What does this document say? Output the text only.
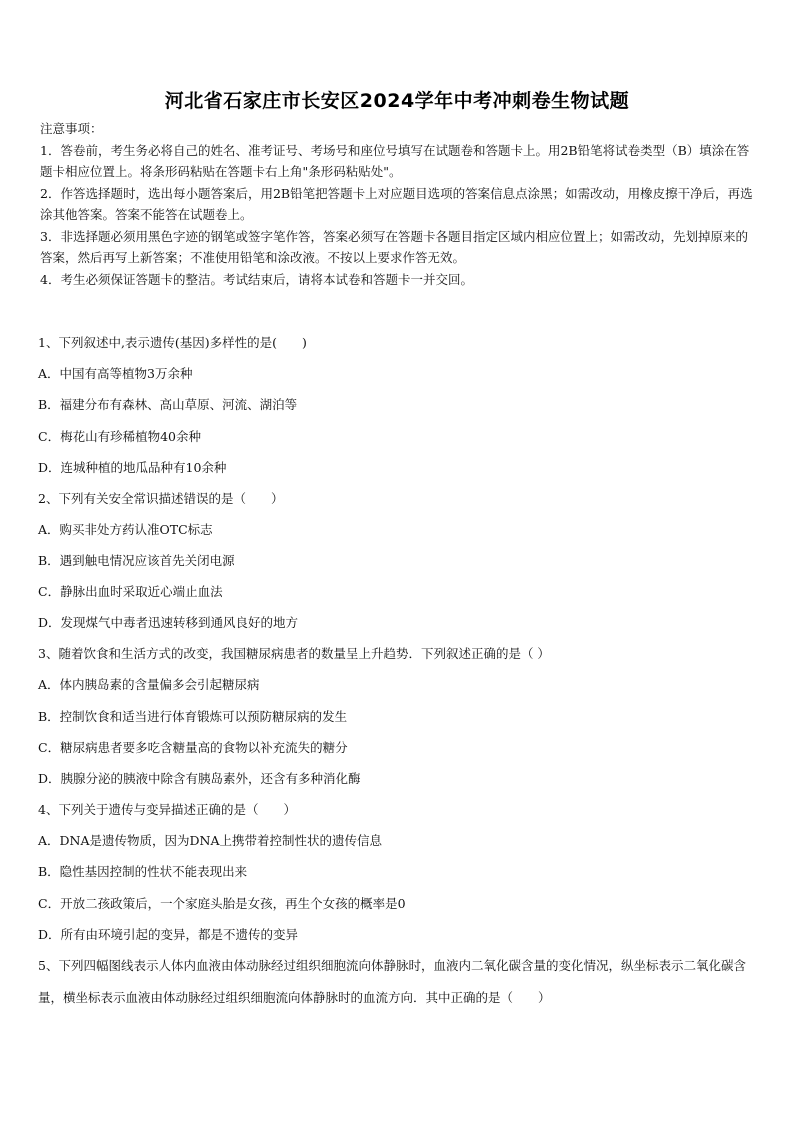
河北省石家庄市长安区2024学年中考冲刺卷生物试题

注意事项：

1．答卷前，考生务必将自己的姓名、准考证号、考场号和座位号填写在试题卷和答题卡上。用2B铅笔将试卷类型（B）填涂在答题卡相应位置上。将条形码粘贴在答题卡右上角"条形码粘贴处"。

2．作答选择题时，选出每小题答案后，用2B铅笔把答题卡上对应题目选项的答案信息点涂黑；如需改动，用橡皮擦干净后，再选涂其他答案。答案不能答在试题卷上。

3．非选择题必须用黑色字迹的钢笔或签字笔作答，答案必须写在答题卡各题目指定区域内相应位置上；如需改动，先划掉原来的答案，然后再写上新答案；不准使用铅笔和涂改液。不按以上要求作答无效。

4．考生必须保证答题卡的整洁。考试结束后，请将本试卷和答题卡一并交回。

1、下列叙述中,表示遗传(基因)多样性的是(　　)
A．中国有高等植物3万余种
B．福建分布有森林、高山草原、河流、湖泊等
C．梅花山有珍稀植物40余种
D．连城种植的地瓜品种有10余种
2、下列有关安全常识描述错误的是（　　）
A．购买非处方药认准OTC标志
B．遇到触电情况应该首先关闭电源
C．静脉出血时采取近心端止血法
D．发现煤气中毒者迅速转移到通风良好的地方
3、随着饮食和生活方式的改变，我国糖尿病患者的数量呈上升趋势．下列叙述正确的是（ ）
A．体内胰岛素的含量偏多会引起糖尿病
B．控制饮食和适当进行体育锻炼可以预防糖尿病的发生
C．糖尿病患者要多吃含糖量高的食物以补充流失的糖分
D．胰腺分泌的胰液中除含有胰岛素外，还含有多种消化酶
4、下列关于遗传与变异描述正确的是（　　）
A．DNA是遗传物质，因为DNA上携带着控制性状的遗传信息
B．隐性基因控制的性状不能表现出来
C．开放二孩政策后，一个家庭头胎是女孩，再生个女孩的概率是0
D．所有由环境引起的变异，都是不遗传的变异
5、下列四幅图线表示人体内血液由体动脉经过组织细胞流向体静脉时，血液内二氧化碳含量的变化情况，纵坐标表示二氧化碳含量，横坐标表示血液由体动脉经过组织细胞流向体静脉时的血流方向．其中正确的是（　　）
